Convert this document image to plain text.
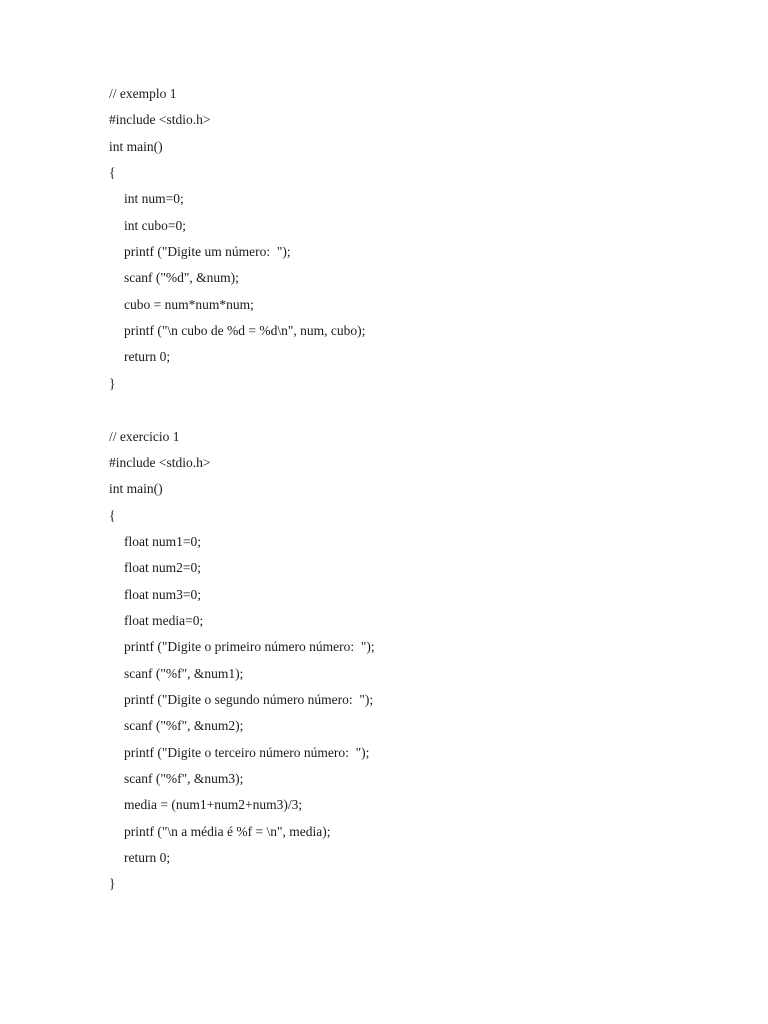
// exemplo 1
#include <stdio.h>
int main()
{
int num=0;
int cubo=0;
printf ("Digite um número:  ");
scanf ("%d", &num);
cubo = num*num*num;
printf ("\n cubo de %d = %d\n", num, cubo);
return 0;
}
// exercicio 1
#include <stdio.h>
int main()
{
float num1=0;
float num2=0;
float num3=0;
float media=0;
printf ("Digite o primeiro número número:  ");
scanf ("%f", &num1);
printf ("Digite o segundo número número:  ");
scanf ("%f", &num2);
printf ("Digite o terceiro número número:  ");
scanf ("%f", &num3);
media = (num1+num2+num3)/3;
printf ("\n a média é %f = \n", media);
return 0;
}
